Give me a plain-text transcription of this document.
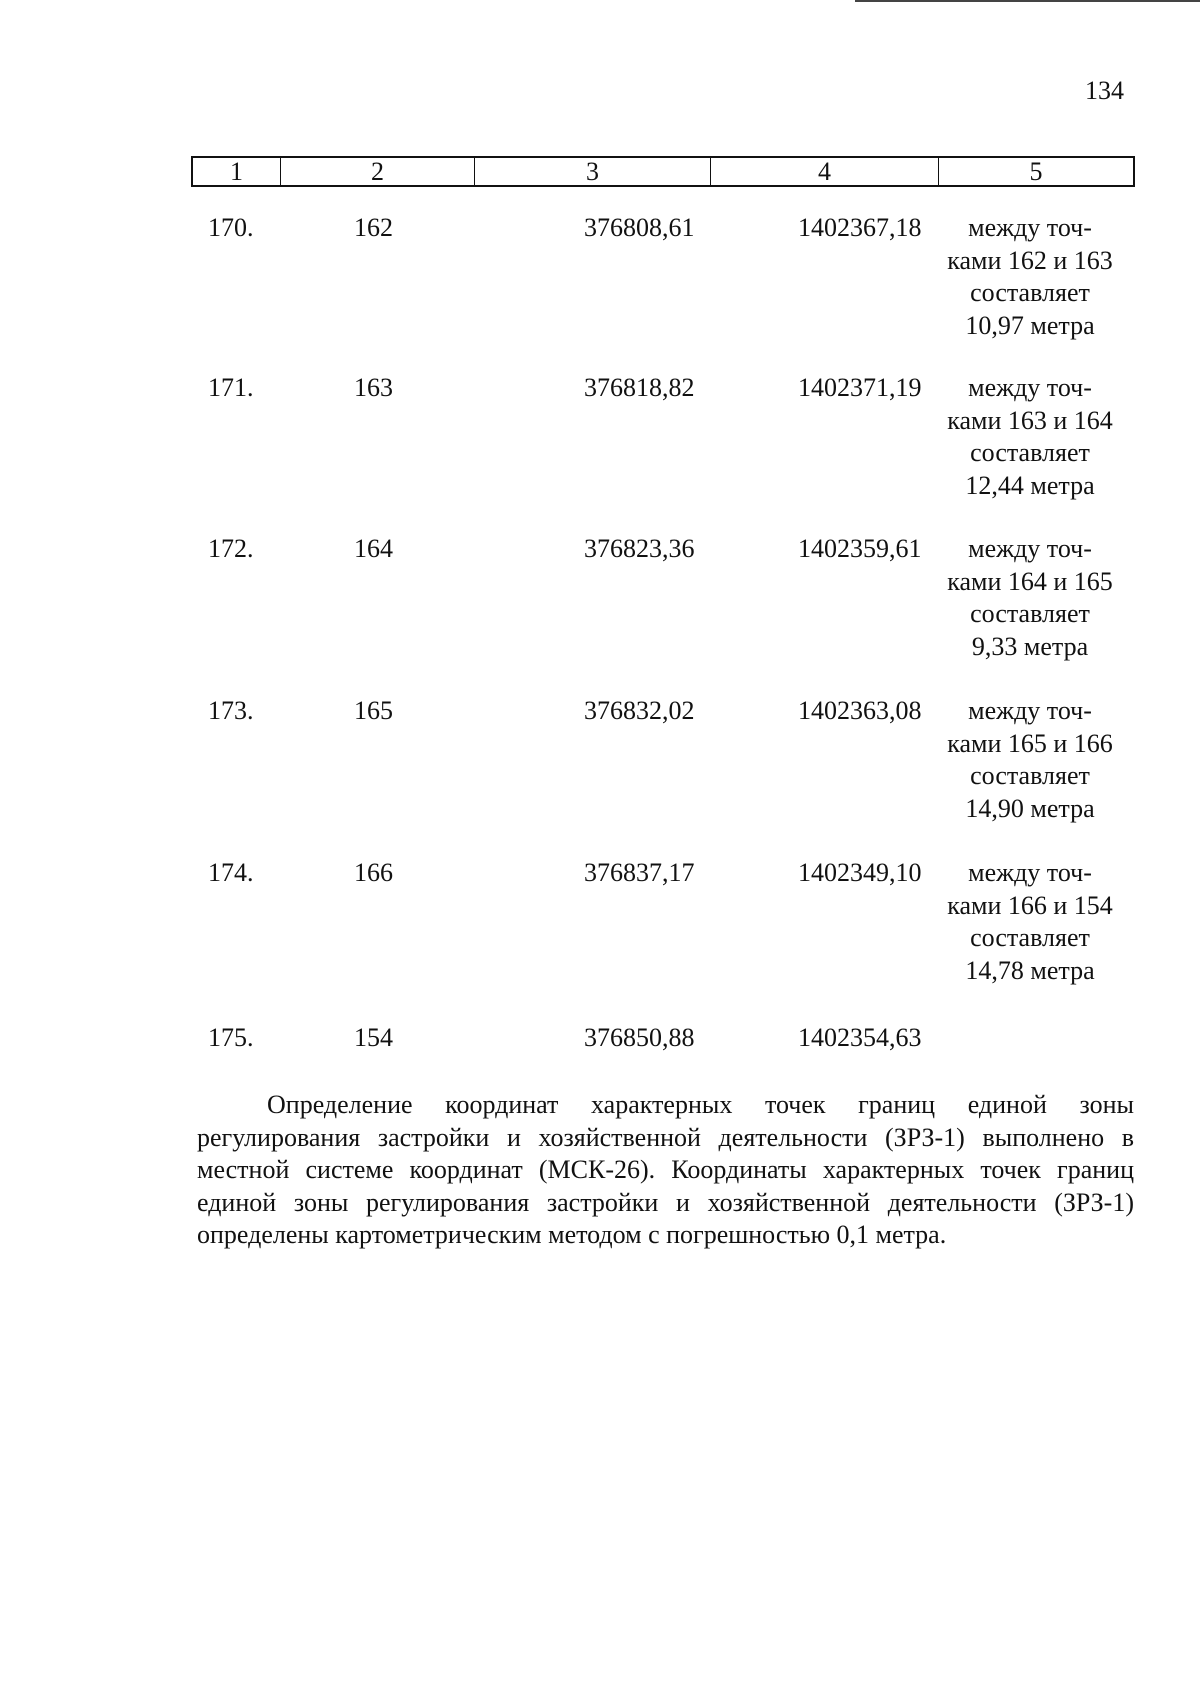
134
1	2	3	4	5
170.	162	376808,61	1402367,18	между точ-
ками 162 и 163
составляет
10,97 метра
171.	163	376818,82	1402371,19	между точ-
ками 163 и 164
составляет
12,44 метра
172.	164	376823,36	1402359,61	между точ-
ками 164 и 165
составляет
9,33 метра
173.	165	376832,02	1402363,08	между точ-
ками 165 и 166
составляет
14,90 метра
174.	166	376837,17	1402349,10	между точ-
ками 166 и 154
составляет
14,78 метра
175.	154	376850,88	1402354,63

Определение координат характерных точек границ единой зоны регулирования застройки и хозяйственной деятельности (ЗРЗ-1) выполнено в местной системе координат (МСК-26). Координаты характерных точек границ единой зоны регулирования застройки и хозяйственной деятельности (ЗРЗ-1) определены картометрическим методом с погрешностью 0,1 метра.
